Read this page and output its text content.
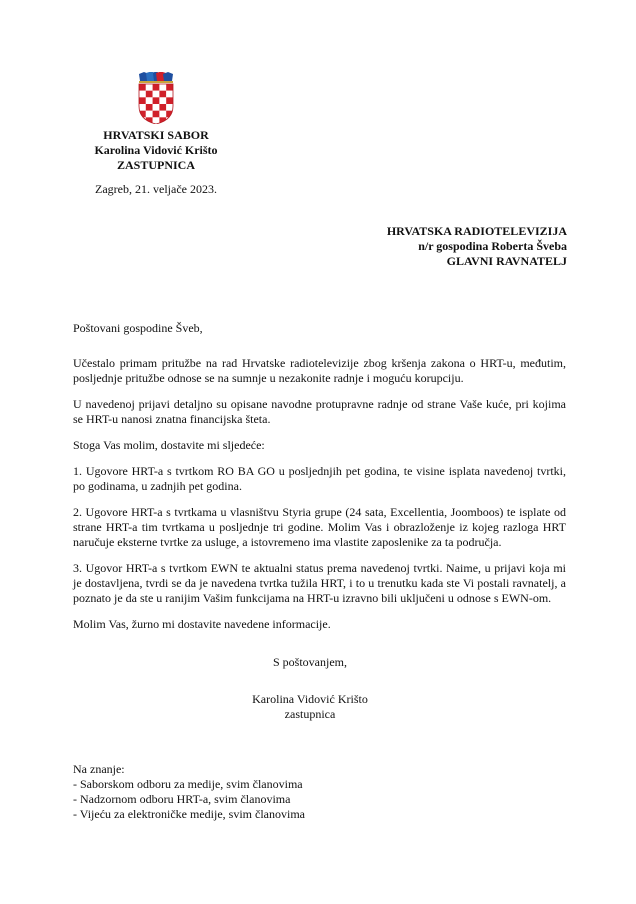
HRVATSKI SABOR
Karolina Vidović Krišto
ZASTUPNICA
Zagreb, 21. veljače 2023.
HRVATSKA RADIOTELEVIZIJA
n/r gospodina Roberta Šveba
GLAVNI RAVNATELJ
Poštovani gospodine Šveb,

Učestalo primam pritužbe na rad Hrvatske radiotelevizije zbog kršenja zakona o HRT-u, međutim, posljednje pritužbe odnose se na sumnje u nezakonite radnje i moguću korupciju.

U navedenoj prijavi detaljno su opisane navodne protupravne radnje od strane Vaše kuće, pri kojima se HRT-u nanosi znatna financijska šteta.

Stoga Vas molim, dostavite mi sljedeće:

1. Ugovore HRT-a s tvrtkom RO BA GO u posljednjih pet godina, te visine isplata navedenoj tvrtki, po godinama, u zadnjih pet godina.

2. Ugovore HRT-a s tvrtkama u vlasništvu Styria grupe (24 sata, Excellentia, Joomboos) te isplate od strane HRT-a tim tvrtkama u posljednje tri godine. Molim Vas i obrazloženje iz kojeg razloga HRT naručuje eksterne tvrtke za usluge, a istovremeno ima vlastite zaposlenike za ta područja.

3. Ugovor HRT-a s tvrtkom EWN te aktualni status prema navedenoj tvrtki. Naime, u prijavi koja mi je dostavljena, tvrdi se da je navedena tvrtka tužila HRT, i to u trenutku kada ste Vi postali ravnatelj, a poznato je da ste u ranijim Vašim funkcijama na HRT-u izravno bili uključeni u odnose s EWN-om.

Molim Vas, žurno mi dostavite navedene informacije.

S poštovanjem,
Karolina Vidović Krišto
zastupnica
Na znanje:
- Saborskom odboru za medije, svim članovima
- Nadzornom odboru HRT-a, svim članovima
- Vijeću za elektroničke medije, svim članovima
